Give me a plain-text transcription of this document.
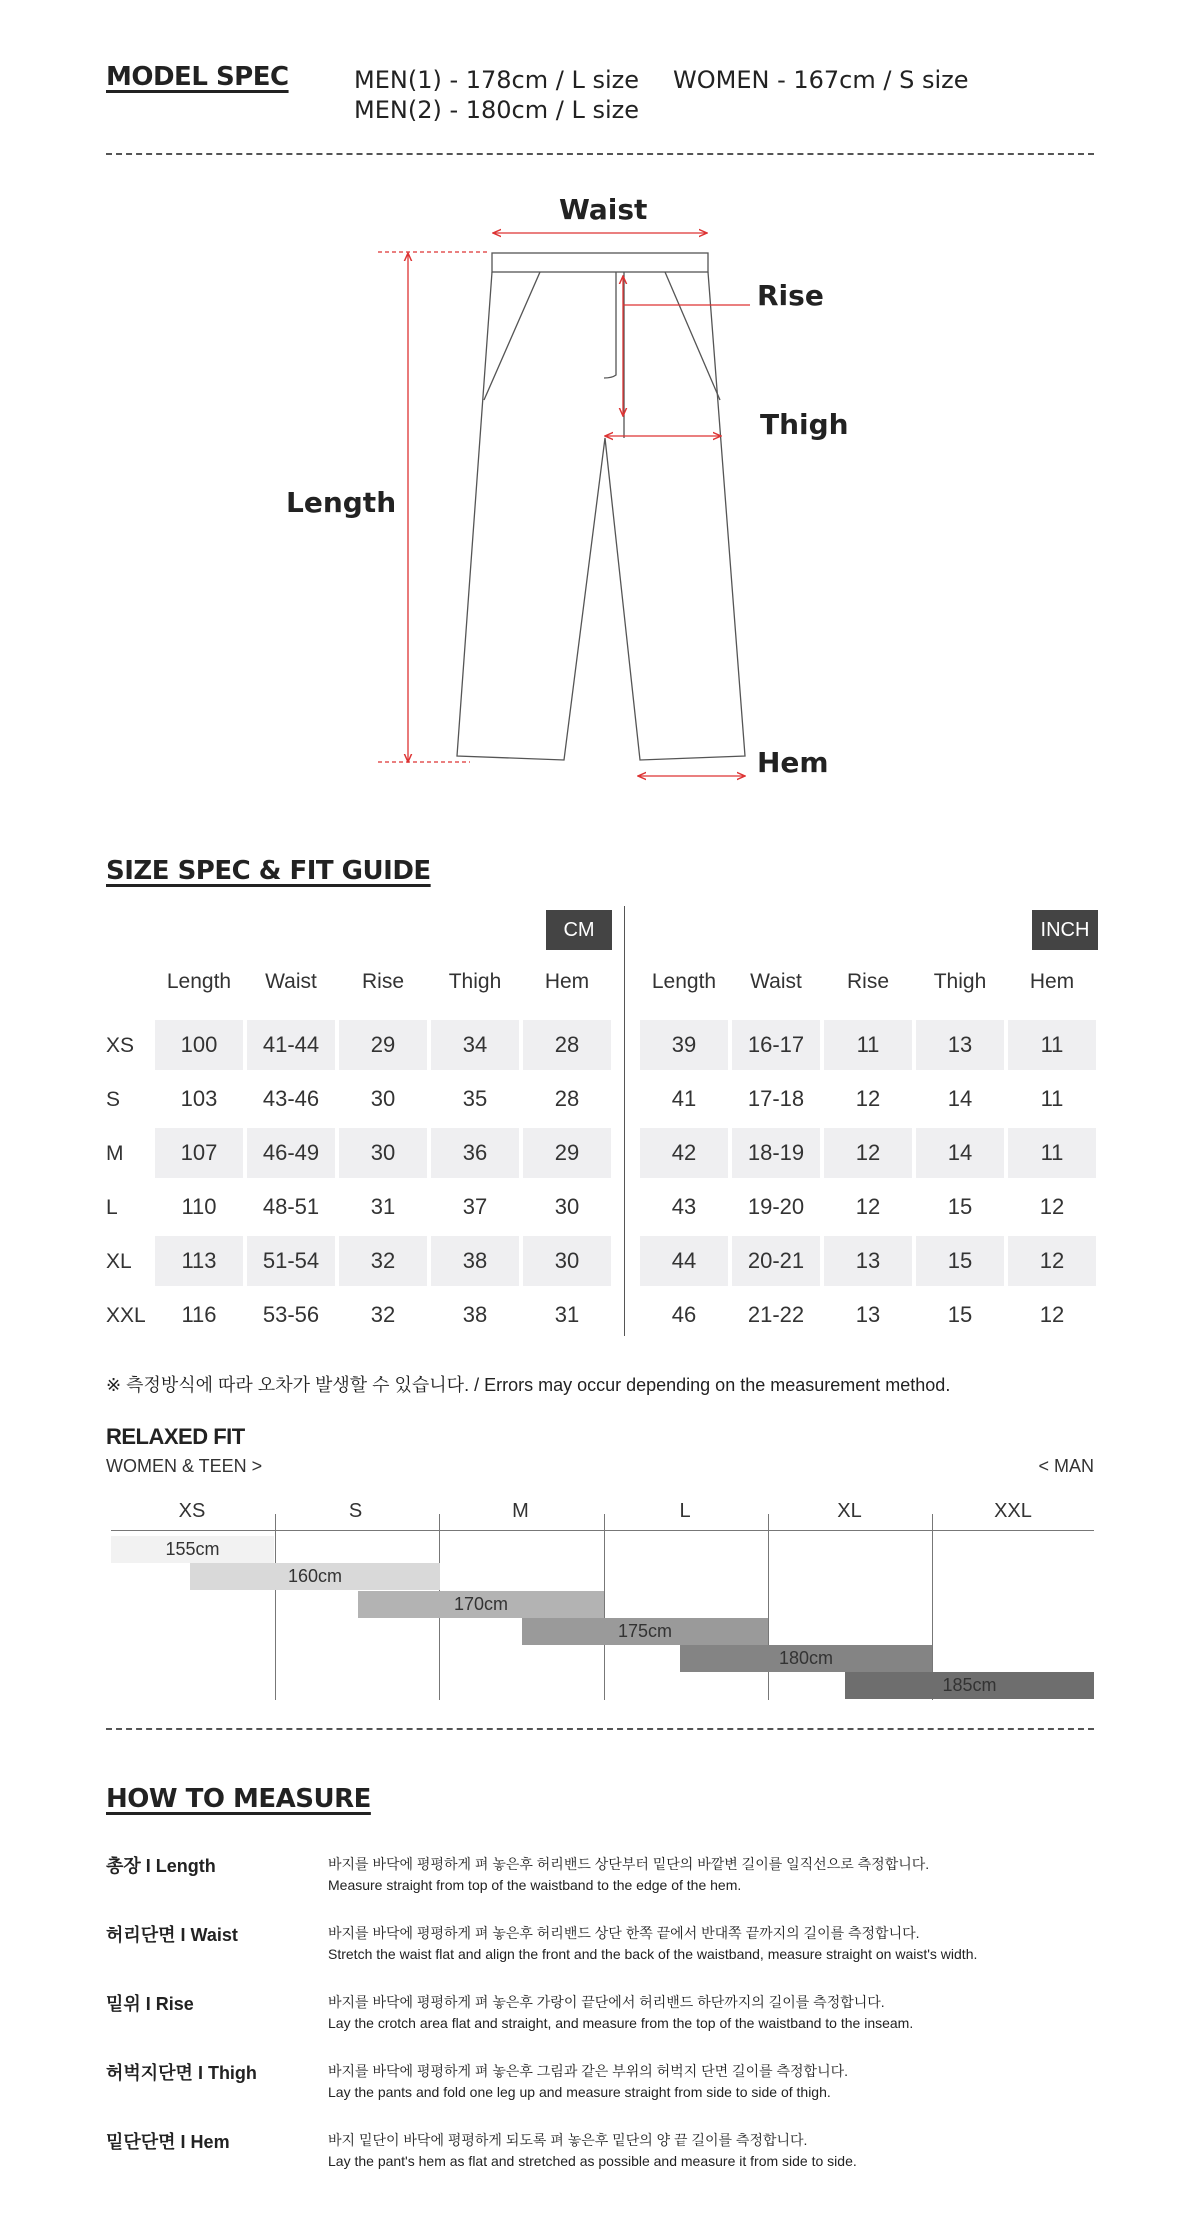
MODEL SPEC	MEN(1) - 178cm / L size
MEN(2) - 180cm / L size
WOMEN - 167cm / S size
Waist
Rise
Thigh
Length
Hem
SIZE SPEC & FIT GUIDE
CM	INCH
Length	Waist	Rise	Thigh	Hem	Length	Waist	Rise	Thigh	Hem
XS	100	41-44	29	34	28	39	16-17	11	13	11
S	103	43-46	30	35	28	41	17-18	12	14	11
M	107	46-49	30	36	29	42	18-19	12	14	11
L	110	48-51	31	37	30	43	19-20	12	15	12
XL	113	51-54	32	38	30	44	20-21	13	15	12
XXL	116	53-56	32	38	31	46	21-22	13	15	12
※ 측정방식에 따라 오차가 발생할 수 있습니다. / Errors may occur depending on the measurement method.
RELAXED FIT
WOMEN & TEEN >	< MAN
XS	S	M	L	XL	XXL
155cm
160cm
170cm
175cm
180cm
185cm
HOW TO MEASURE
총장 I Length	바지를 바닥에 평평하게 펴 놓은후 허리밴드 상단부터 밑단의 바깥변 길이를 일직선으로 측정합니다.
Measure straight from top of the waistband to the edge of the hem.
허리단면 I Waist	바지를 바닥에 평평하게 펴 놓은후 허리밴드 상단 한쪽 끝에서 반대쪽 끝까지의 길이를 측정합니다.
Stretch the waist flat and align the front and the back of the waistband, measure straight on waist's width.
밑위 I Rise	바지를 바닥에 평평하게 펴 놓은후 가랑이 끝단에서 허리밴드 하단까지의 길이를 측정합니다.
Lay the crotch area flat and straight, and measure from the top of the waistband to the inseam.
허벅지단면 I Thigh	바지를 바닥에 평평하게 펴 놓은후 그림과 같은 부위의 허벅지 단면 길이를 측정합니다.
Lay the pants and fold one leg up and measure straight from side to side of thigh.
밑단단면 I Hem	바지 밑단이 바닥에 평평하게 되도록 펴 놓은후 밑단의 양 끝 길이를 측정합니다.
Lay the pant's hem as flat and stretched as possible and measure it from side to side.
